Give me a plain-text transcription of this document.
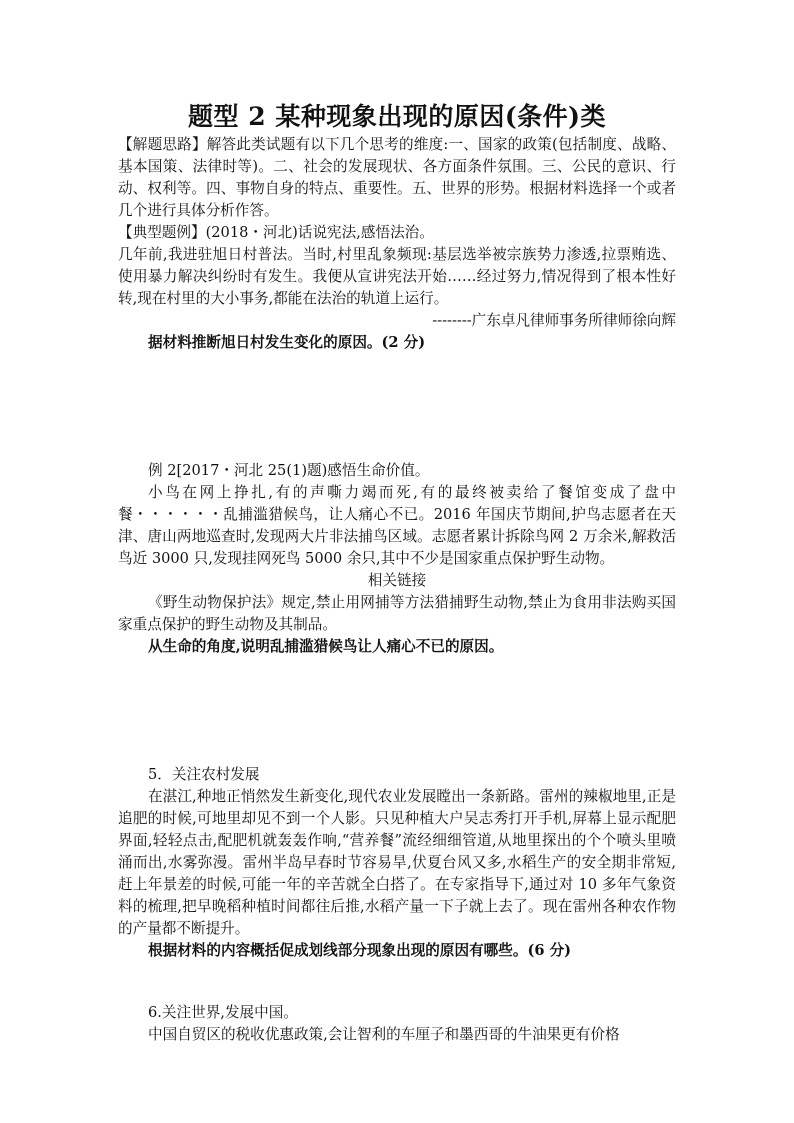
题型 2 某种现象出现的原因(条件)类

【解题思路】解答此类试题有以下几个思考的维度:一、国家的政策(包括制度、战略、基本国策、法律时等)。二、社会的发展现状、各方面条件氛围。三、公民的意识、行动、权利等。四、事物自身的特点、重要性。五、世界的形势。根据材料选择一个或者几个进行具体分析作答。

【典型题例】(2018・河北)话说宪法,感悟法治。

几年前,我进驻旭日村普法。当时,村里乱象频现:基层选举被宗族势力渗透,拉票贿选、使用暴力解决纠纷时有发生。我便从宣讲宪法开始……经过努力,情况得到了根本性好转,现在村里的大小事务,都能在法治的轨道上运行。

--------广东卓凡律师事务所律师徐向辉

据材料推断旭日村发生变化的原因。(2 分)

例 2[2017・河北 25(1)题)感悟生命价值。

小鸟在网上挣扎,有的声嘶力竭而死,有的最终被卖给了餐馆变成了盘中餐・・・・・・乱捕滥猎候鸟，让人痛心不已。2016 年国庆节期间,护鸟志愿者在天津、唐山两地巡查时,发现两大片非法捕鸟区域。志愿者累计拆除鸟网 2 万余米,解救活鸟近 3000 只,发现挂网死鸟 5000 余只,其中不少是国家重点保护野生动物。

相关链接

《野生动物保护法》规定,禁止用网捕等方法猎捕野生动物,禁止为食用非法购买国家重点保护的野生动物及其制品。

从生命的角度,说明乱捕滥猎候鸟让人痛心不已的原因。

5．关注农村发展

在湛江,种地正悄然发生新变化,现代农业发展瞠出一条新路。雷州的辣椒地里,正是追肥的时候,可地里却见不到一个人影。只见种植大户吴志秀打开手机,屏幕上显示配肥界面,轻轻点击,配肥机就轰轰作响,“营养餐”流经细细管道,从地里探出的个个喷头里喷涌而出,水雾弥漫。雷州半岛早春时节容易旱,伏夏台风又多,水稻生产的安全期非常短,赶上年景差的时候,可能一年的辛苦就全白搭了。在专家指导下,通过对 10 多年气象资料的梳理,把早晚稻种植时间都往后推,水稻产量一下子就上去了。现在雷州各种农作物的产量都不断提升。

根据材料的内容概括促成划线部分现象出现的原因有哪些。(6 分)

6.关注世界,发展中国。

中国自贸区的税收优惠政策,会让智利的车厘子和墨西哥的牛油果更有价格
